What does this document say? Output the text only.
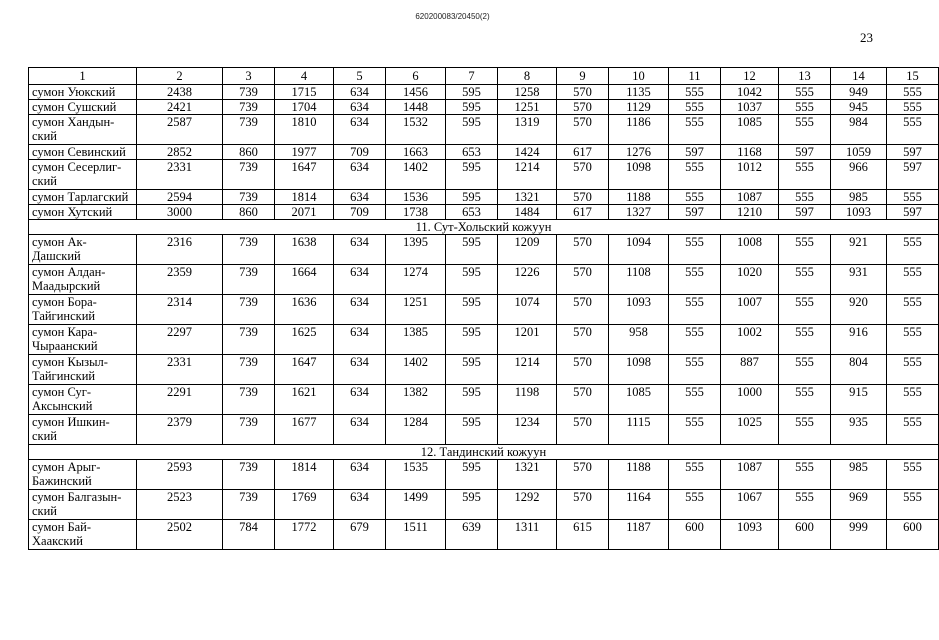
620200083/20450(2)
23
1	2	3	4	5	6	7	8	9	10	11	12	13	14	15
сумон Уюкский	2438	739	1715	634	1456	595	1258	570	1135	555	1042	555	949	555
сумон Сушский	2421	739	1704	634	1448	595	1251	570	1129	555	1037	555	945	555
сумон Хандын-ский	2587	739	1810	634	1532	595	1319	570	1186	555	1085	555	984	555
сумон Севинский	2852	860	1977	709	1663	653	1424	617	1276	597	1168	597	1059	597
сумон Сесерлиг-ский	2331	739	1647	634	1402	595	1214	570	1098	555	1012	555	966	597
сумон Тарлагский	2594	739	1814	634	1536	595	1321	570	1188	555	1087	555	985	555
сумон Хутский	3000	860	2071	709	1738	653	1484	617	1327	597	1210	597	1093	597
11. Сут-Хольский кожуун														
сумон Ак-Дашский	2316	739	1638	634	1395	595	1209	570	1094	555	1008	555	921	555
сумон Алдан-Маадырский	2359	739	1664	634	1274	595	1226	570	1108	555	1020	555	931	555
сумон Бора-Тайгинский	2314	739	1636	634	1251	595	1074	570	1093	555	1007	555	920	555
сумон Кара-Чыраанский	2297	739	1625	634	1385	595	1201	570	958	555	1002	555	916	555
сумон Кызыл-Тайгинский	2331	739	1647	634	1402	595	1214	570	1098	555	887	555	804	555
сумон Суг-Аксынский	2291	739	1621	634	1382	595	1198	570	1085	555	1000	555	915	555
сумон Ишкин-ский	2379	739	1677	634	1284	595	1234	570	1115	555	1025	555	935	555
12. Тандинский кожуун														
сумон Арыг-Бажинский	2593	739	1814	634	1535	595	1321	570	1188	555	1087	555	985	555
сумон Балгазын-ский	2523	739	1769	634	1499	595	1292	570	1164	555	1067	555	969	555
сумон Бай-Хаакский	2502	784	1772	679	1511	639	1311	615	1187	600	1093	600	999	600
